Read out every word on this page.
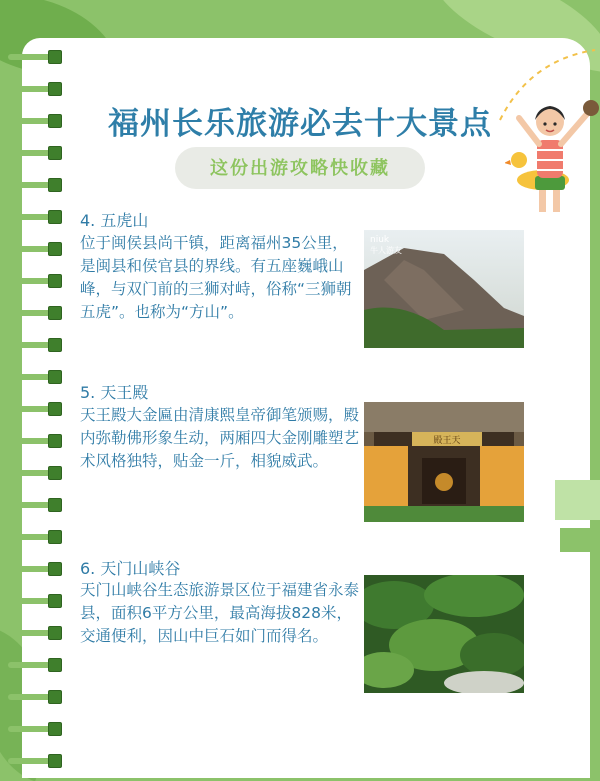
福州长乐旅游必去十大景点
这份出游攻略快收藏
4. 五虎山

位于闽侯县尚干镇，距离福州35公里，是闽县和侯官县的界线。有五座巍峨山峰，与双门前的三狮对峙，俗称“三狮朝五虎”。也称为“方山”。

niuk
牛人游友
5. 天王殿

天王殿大金匾由清康熙皇帝御笔颁赐，殿内弥勒佛形象生动，两厢四大金刚雕塑艺术风格独特，贴金一斤，相貌威武。

殿王天
6. 天门山峡谷

天门山峡谷生态旅游景区位于福建省永泰县，面积6平方公里，最高海拔828米，交通便利，因山中巨石如门而得名。
